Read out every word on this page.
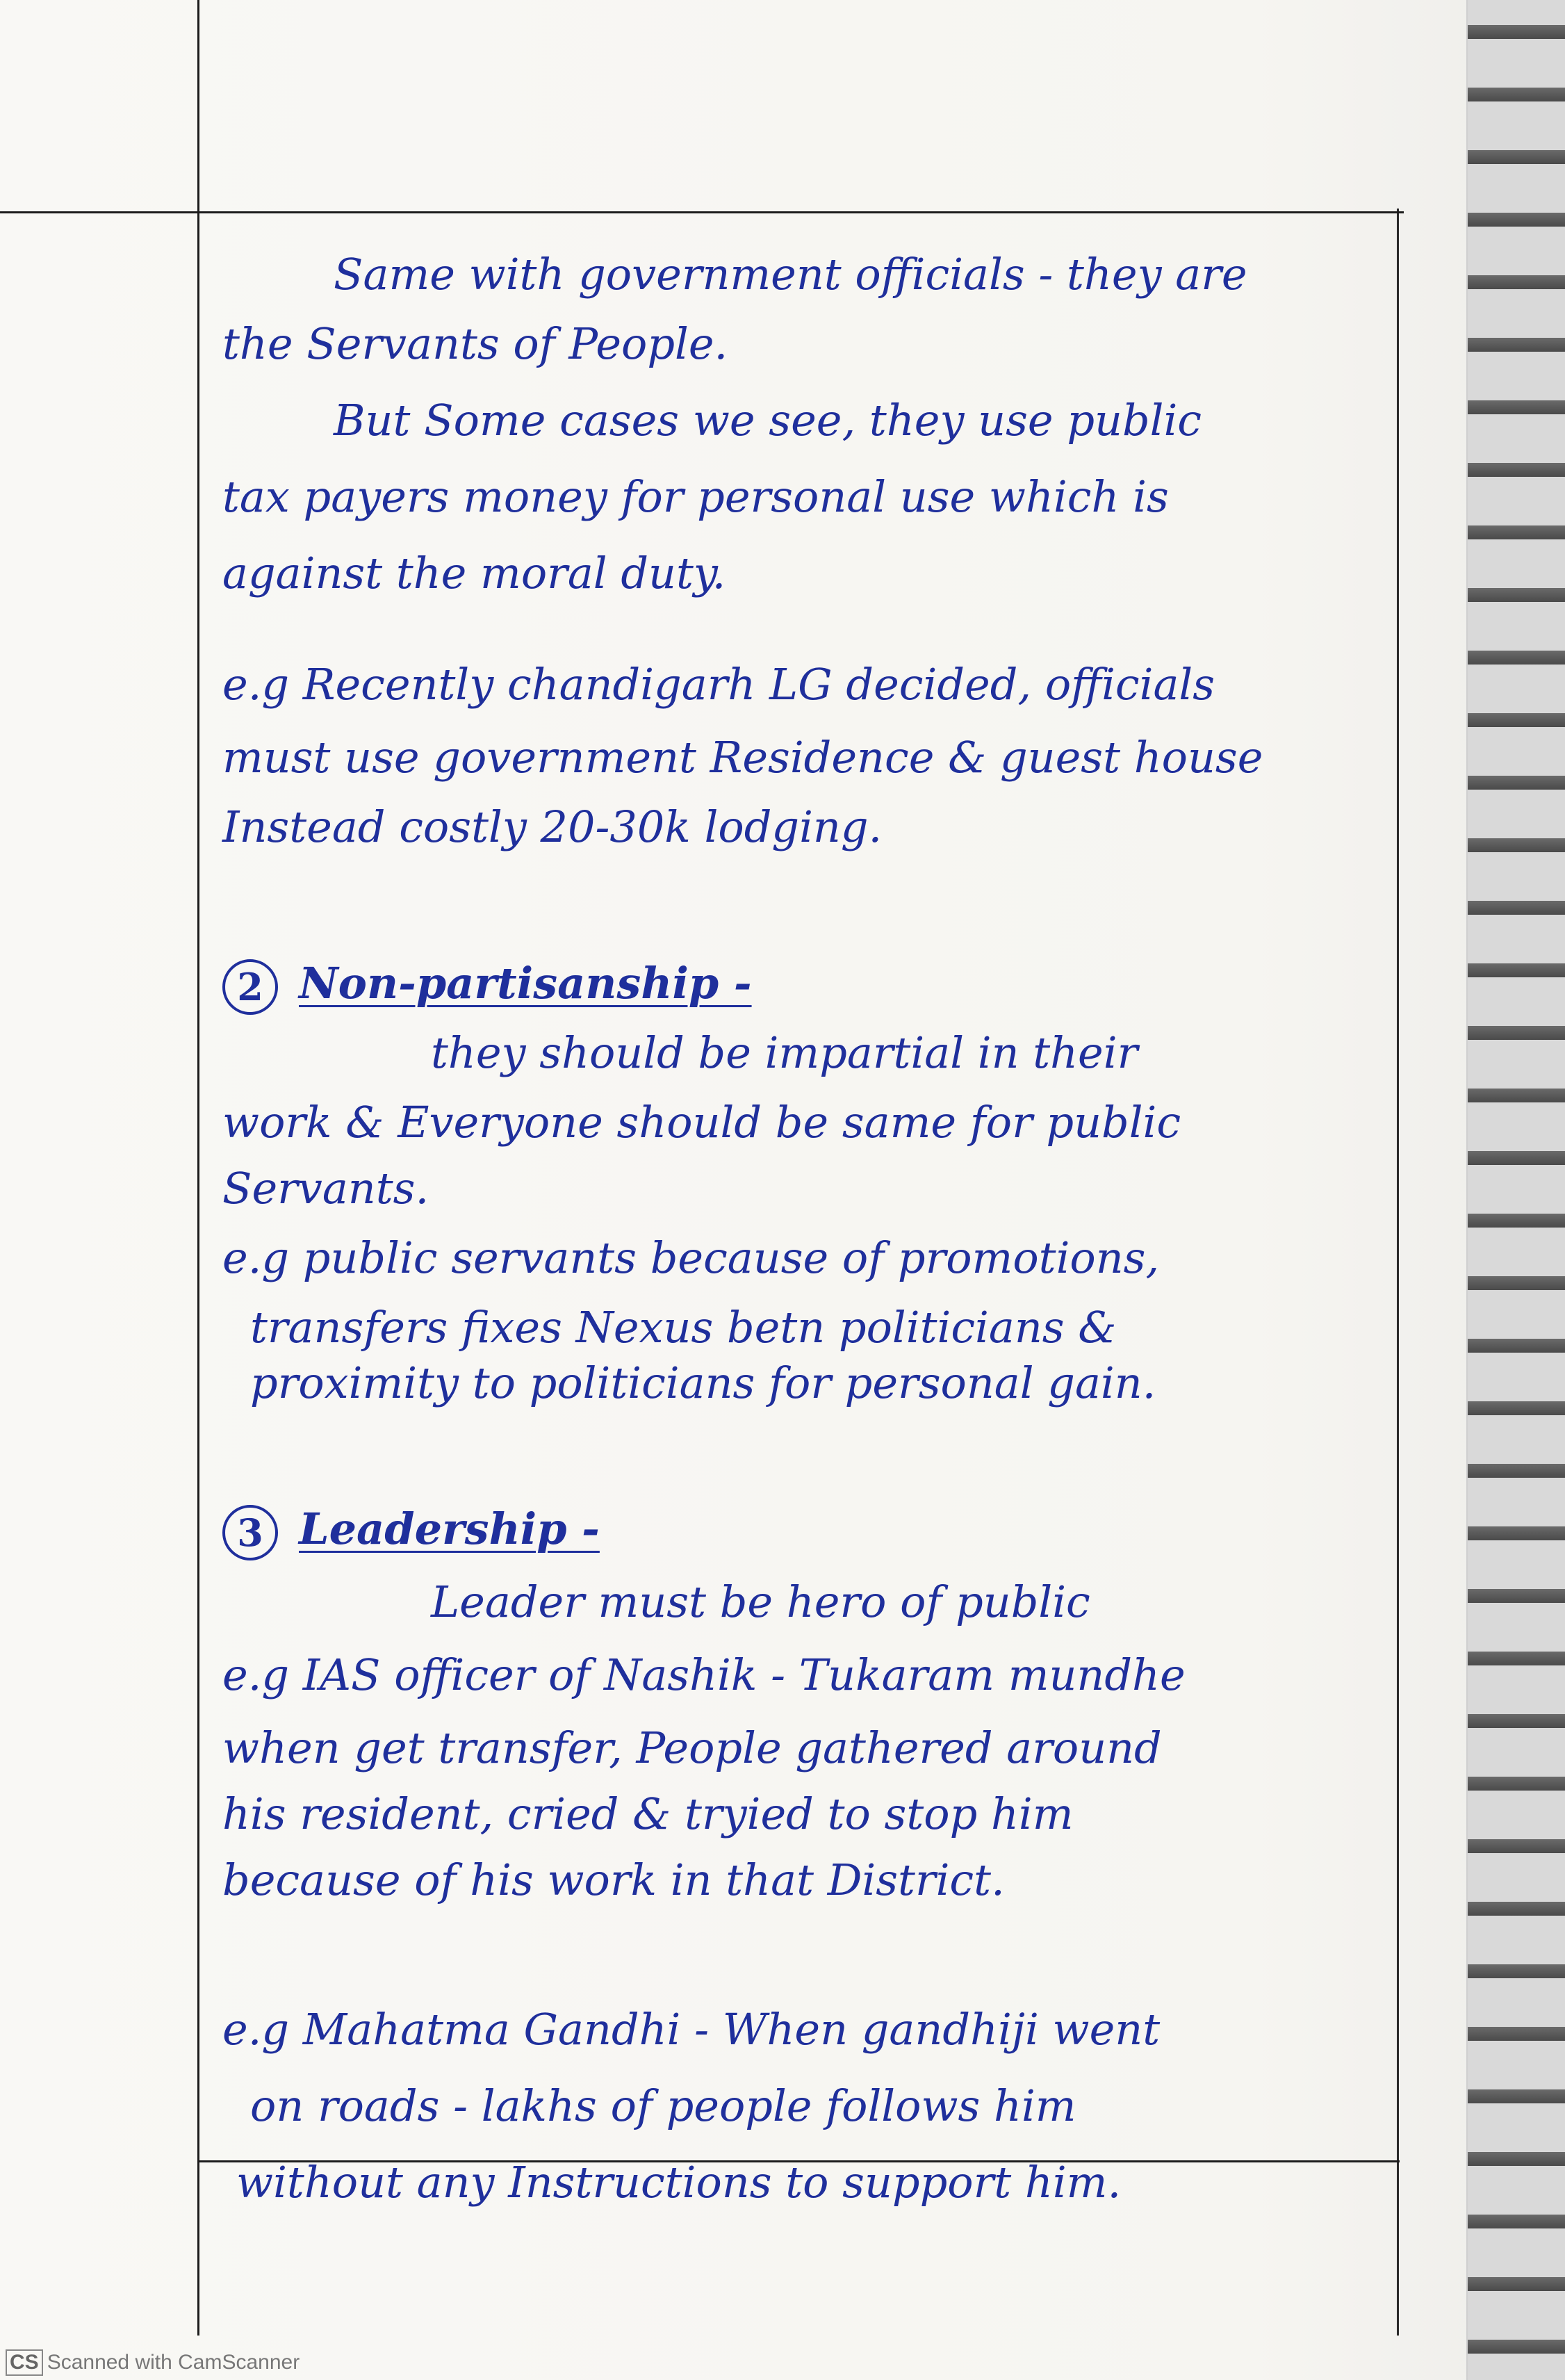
Same with government officials - they are
the Servants of People.
But Some cases we see, they use public
tax payers money for personal use which is
against the moral duty.
e.g Recently chandigarh LG decided, officials
must use government Residence & guest house
Instead costly 20-30k lodging.
2 Non-partisanship -
they should be impartial in their
work & Everyone should be same for public
Servants.
e.g public servants because of promotions,
transfers fixes Nexus betn politicians &
proximity to politicians for personal gain.
3 Leadership -
Leader must be hero of public
e.g IAS officer of Nashik - Tukaram mundhe
when get transfer, People gathered around
his resident, cried & tryied to stop him
because of his work in that District.
e.g Mahatma Gandhi - When gandhiji went
on roads - lakhs of people follows him
without any Instructions to support him.
CS Scanned with CamScanner
